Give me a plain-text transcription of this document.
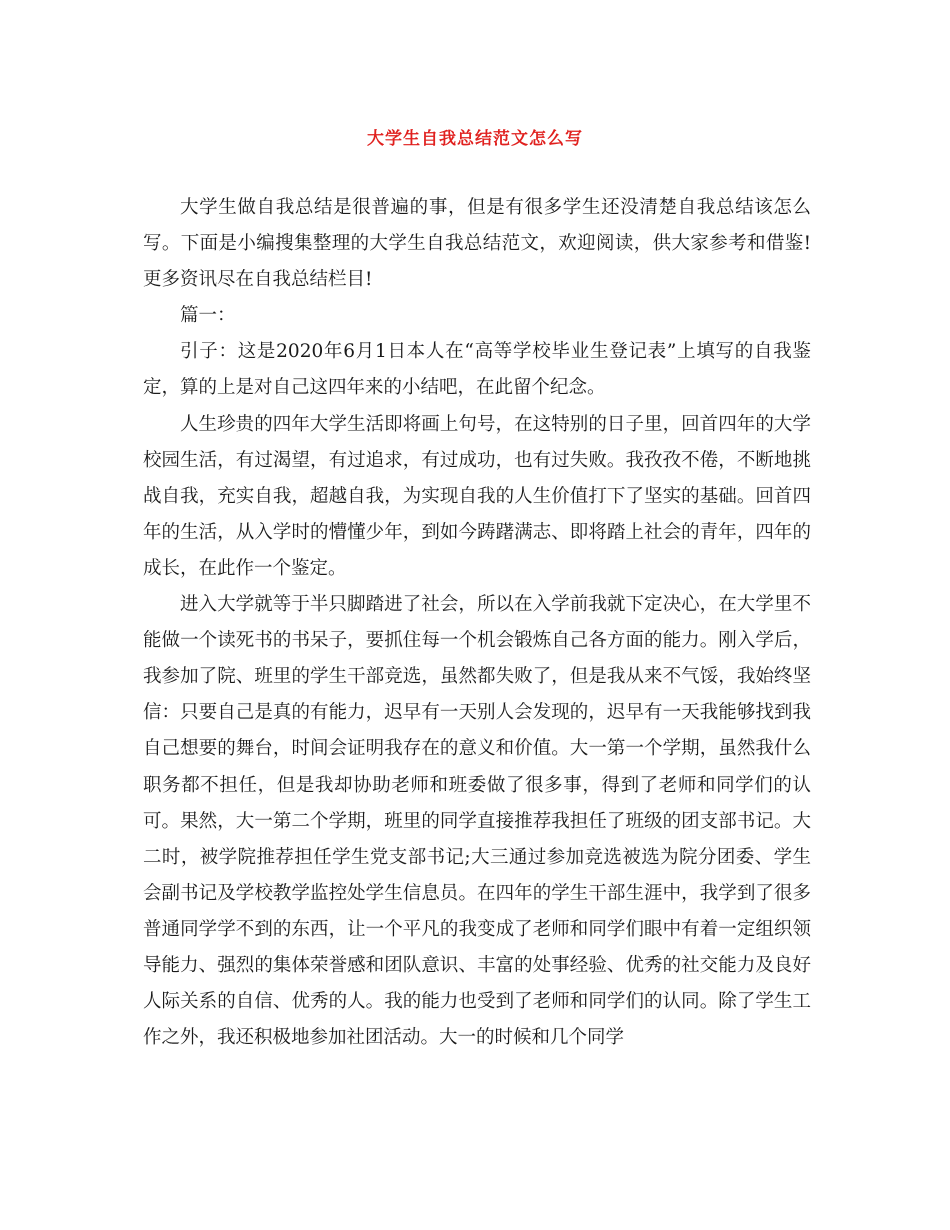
大学生自我总结范文怎么写

大学生做自我总结是很普遍的事，但是有很多学生还没清楚自我总结该怎么写。下面是小编搜集整理的大学生自我总结范文，欢迎阅读，供大家参考和借鉴!更多资讯尽在自我总结栏目!

篇一：

引子：这是2020年6月1日本人在“高等学校毕业生登记表”上填写的自我鉴定，算的上是对自己这四年来的小结吧，在此留个纪念。

人生珍贵的四年大学生活即将画上句号，在这特别的日子里，回首四年的大学校园生活，有过渴望，有过追求，有过成功，也有过失败。我孜孜不倦，不断地挑战自我，充实自我，超越自我，为实现自我的人生价值打下了坚实的基础。回首四年的生活，从入学时的懵懂少年，到如今踌躇满志、即将踏上社会的青年，四年的成长，在此作一个鉴定。

进入大学就等于半只脚踏进了社会，所以在入学前我就下定决心，在大学里不能做一个读死书的书呆子，要抓住每一个机会锻炼自己各方面的能力。刚入学后，我参加了院、班里的学生干部竞选，虽然都失败了，但是我从来不气馁，我始终坚信：只要自己是真的有能力，迟早有一天别人会发现的，迟早有一天我能够找到我自己想要的舞台，时间会证明我存在的意义和价值。大一第一个学期，虽然我什么职务都不担任，但是我却协助老师和班委做了很多事，得到了老师和同学们的认可。果然，大一第二个学期，班里的同学直接推荐我担任了班级的团支部书记。大二时，被学院推荐担任学生党支部书记;大三通过参加竞选被选为院分团委、学生会副书记及学校教学监控处学生信息员。在四年的学生干部生涯中，我学到了很多普通同学学不到的东西，让一个平凡的我变成了老师和同学们眼中有着一定组织领导能力、强烈的集体荣誉感和团队意识、丰富的处事经验、优秀的社交能力及良好人际关系的自信、优秀的人。我的能力也受到了老师和同学们的认同。除了学生工作之外，我还积极地参加社团活动。大一的时候和几个同学
